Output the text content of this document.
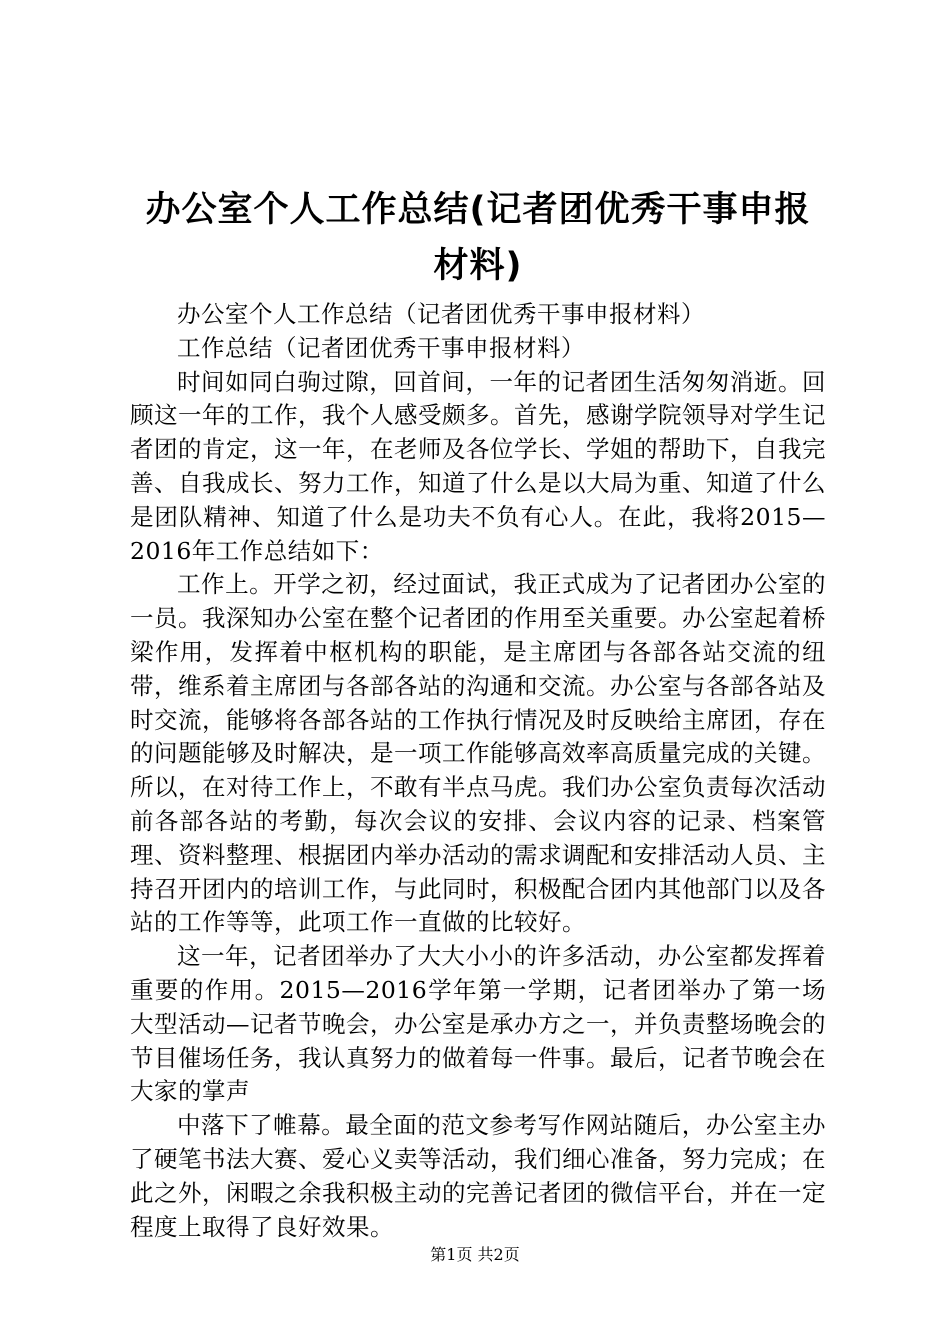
办公室个人工作总结(记者团优秀干事申报材料)

办公室个人工作总结（记者团优秀干事申报材料）

工作总结（记者团优秀干事申报材料）

时间如同白驹过隙，回首间，一年的记者团生活匆匆消逝。回顾这一年的工作，我个人感受颇多。首先，感谢学院领导对学生记者团的肯定，这一年，在老师及各位学长、学姐的帮助下，自我完善、自我成长、努力工作，知道了什么是以大局为重、知道了什么是团队精神、知道了什么是功夫不负有心人。在此，我将2015—2016年工作总结如下：

工作上。开学之初，经过面试，我正式成为了记者团办公室的一员。我深知办公室在整个记者团的作用至关重要。办公室起着桥梁作用，发挥着中枢机构的职能，是主席团与各部各站交流的纽带，维系着主席团与各部各站的沟通和交流。办公室与各部各站及时交流，能够将各部各站的工作执行情况及时反映给主席团，存在的问题能够及时解决，是一项工作能够高效率高质量完成的关键。所以，在对待工作上，不敢有半点马虎。我们办公室负责每次活动前各部各站的考勤，每次会议的安排、会议内容的记录、档案管理、资料整理、根据团内举办活动的需求调配和安排活动人员、主持召开团内的培训工作，与此同时，积极配合团内其他部门以及各站的工作等等，此项工作一直做的比较好。

这一年，记者团举办了大大小小的许多活动，办公室都发挥着重要的作用。2015—2016学年第一学期，记者团举办了第一场大型活动—记者节晚会，办公室是承办方之一，并负责整场晚会的节目催场任务，我认真努力的做着每一件事。最后，记者节晚会在大家的掌声

中落下了帷幕。最全面的范文参考写作网站随后，办公室主办了硬笔书法大赛、爱心义卖等活动，我们细心准备，努力完成；在此之外，闲暇之余我积极主动的完善记者团的微信平台，并在一定程度上取得了良好效果。

第1页 共2页
